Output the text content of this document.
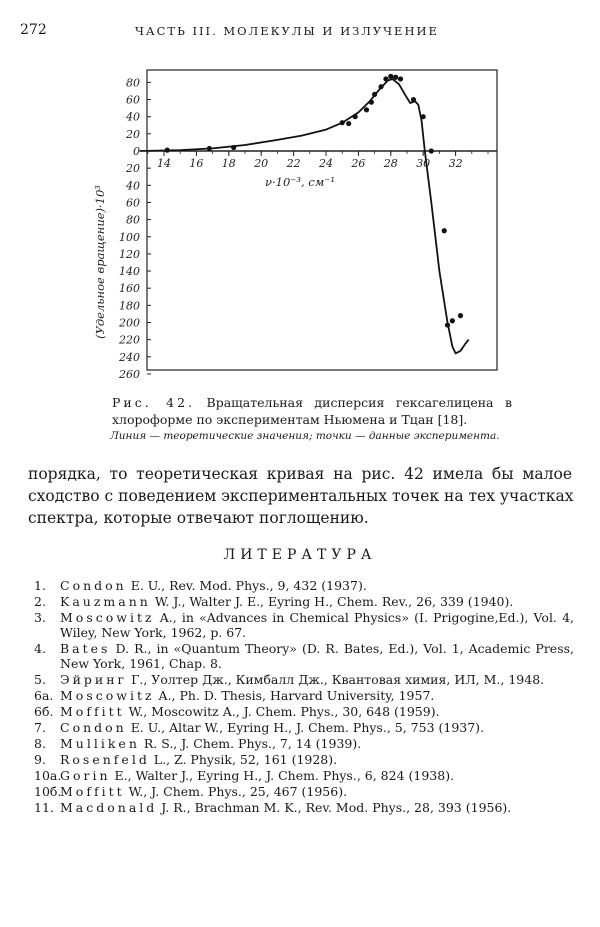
272	ЧАСТЬ III. МОЛЕКУЛЫ И ИЗЛУЧЕНИЕ
14 16 18 20 22 24 26 28 30 32
80
60
40
20
0
20
40
60
80
100
120
140
160
180
200
220
240
260
ν·10⁻³, см⁻¹
(Удельное вращение)·10³
Рис. 42. Вращательная дисперсия гексагелицена в хлороформе по экспериментам Ньюмена и Тцан [18].
Линия — теоретические значения; точки — данные эксперимента.
порядка, то теоретическая кривая на рис. 42 имела бы малое
сходство с поведением экспериментальных точек на тех участках
спектра, которые отвечают поглощению.
ЛИТЕРАТУРА
1.	Condon E. U., Rev. Mod. Phys., 9, 432 (1937).
2.	Kauzmann W. J., Walter J. E., Eyring H., Chem. Rev., 26, 339 (1940).
3.	Moscowitz A., in «Advances in Chemical Physics» (I. Prigogine,Ed.), Vol. 4, Wiley, New York, 1962, p. 67.
4.	Bates D. R., in «Quantum Theory» (D. R. Bates, Ed.), Vol. 1, Academic Press, New York, 1961, Chap. 8.
5.	Эйринг Г., Уолтер Дж., Кимбалл Дж., Квантовая химия, ИЛ, М., 1948.
6а. Moscowitz A., Ph. D. Thesis, Harvard University, 1957.
6б. Moffitt W., Moscowitz A., J. Chem. Phys., 30, 648 (1959).
7.	Condon E. U., Altar W., Eyring H., J. Chem. Phys., 5, 753 (1937).
8.	Mulliken R. S., J. Chem. Phys., 7, 14 (1939).
9.	Rosenfeld L., Z. Physik, 52, 161 (1928).
10а.
Gorin E., Walter J., Eyring H., J. Chem. Phys., 6, 824 (1938).
10б.
Moffitt W., J. Chem. Phys., 25, 467 (1956).
11. Macdonald J. R., Brachman M. K., Rev. Mod. Phys., 28, 393 (1956).
